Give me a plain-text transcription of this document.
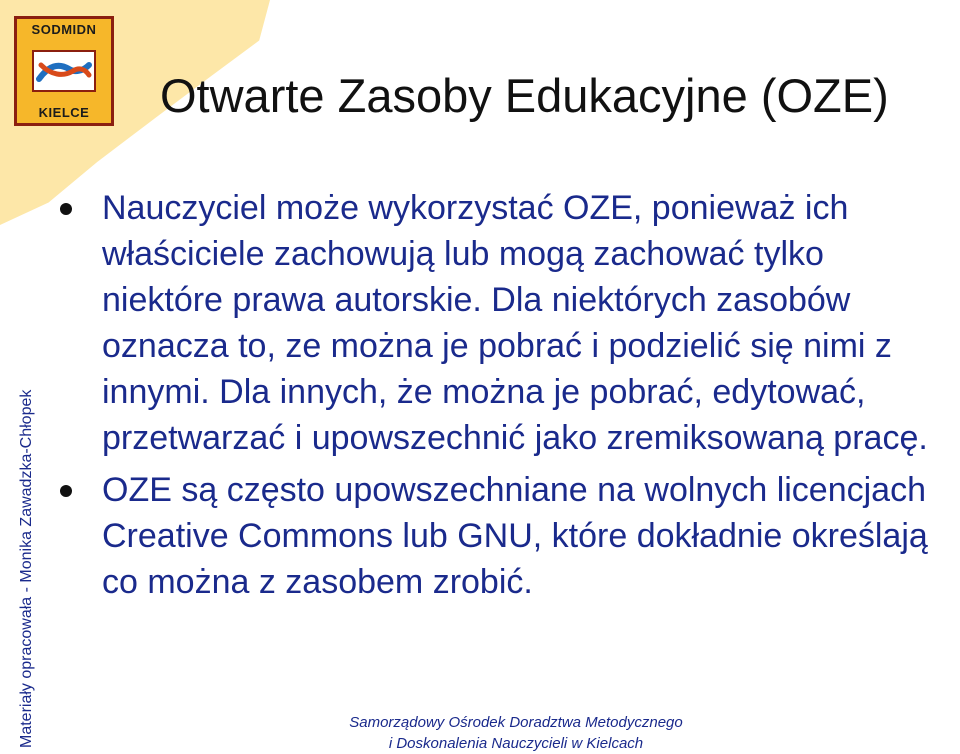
SODMIDN
KIELCE Otwarte Zasoby Edukacyjne (OZE)
Materiały opracowała - Monika Zawadzka-Chłopek
Nauczyciel może wykorzystać OZE, ponieważ ich właściciele zachowują lub mogą zachować tylko niektóre prawa autorskie. Dla niektórych zasobów oznacza to, ze można je pobrać i podzielić się nimi z innymi. Dla innych, że można je pobrać, edytować, przetwarzać i upowszechnić jako zremiksowaną pracę.
OZE są często upowszechniane na wolnych licencjach Creative Commons lub GNU, które dokładnie określają co można z zasobem zrobić.
Samorządowy Ośrodek Doradztwa Metodycznego
i Doskonalenia Nauczycieli w Kielcach
